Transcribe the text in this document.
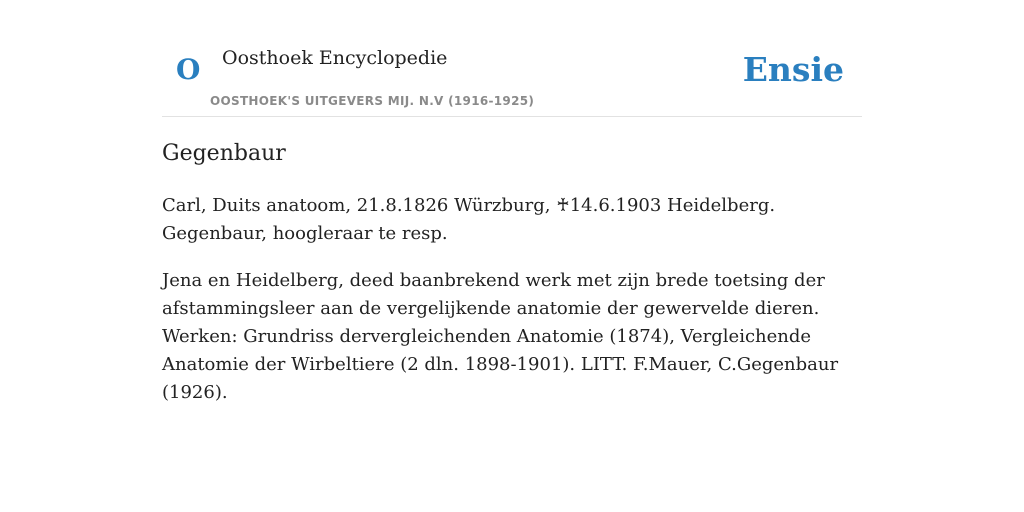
O Oosthoek Encyclopedie
OOSTHOEK'S UITGEVERS MIJ. N.V (1916-1925)
Ensie
Gegenbaur

Carl, Duits anatoom, 21.8.1826 Würzburg, ♰14.6.1903 Heidelberg. Gegenbaur, hoogleraar te resp.

Jena en Heidelberg, deed baanbrekend werk met zijn brede toetsing der afstammingsleer aan de vergelijkende anatomie der gewervelde dieren. Werken: Grundriss dervergleichenden Anatomie (1874), Vergleichende Anatomie der Wirbeltiere (2 dln. 1898-1901). LITT. F.Mauer, C.Gegenbaur (1926).
